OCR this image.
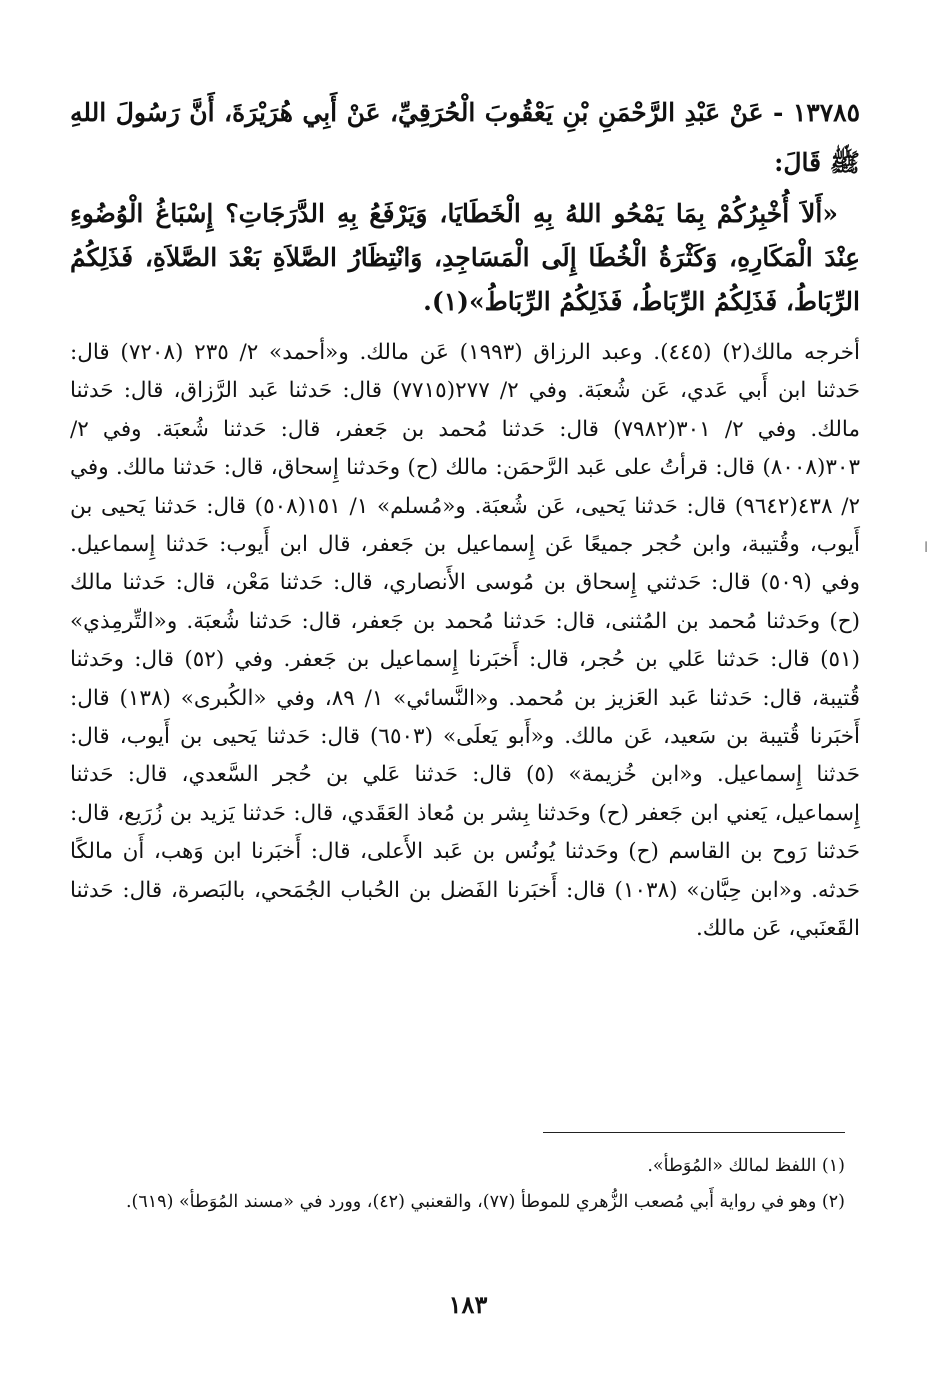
١٣٧٨٥ - عَنْ عَبْدِ الرَّحْمَنِ بْنِ يَعْقُوبَ الْحُرَقِيِّ، عَنْ أَبِي هُرَيْرَةَ، أَنَّ رَسُولَ اللهِ ﷺ قَالَ:

«أَلاَ أُخْبِرُكُمْ بِمَا يَمْحُو اللهُ بِهِ الْخَطَايَا، وَيَرْفَعُ بِهِ الدَّرَجَاتِ؟ إِسْبَاغُ الْوُضُوءِ عِنْدَ الْمَكَارِهِ، وَكَثْرَةُ الْخُطَا إِلَى الْمَسَاجِدِ، وَانْتِظَارُ الصَّلاَةِ بَعْدَ الصَّلاَةِ، فَذَلِكُمُ الرِّبَاطُ، فَذَلِكُمُ الرِّبَاطُ، فَذَلِكُمُ الرِّبَاطُ»(١).

أخرجه مالك(٢) (٤٤٥). وعبد الرزاق (١٩٩٣) عَن مالك. و«أحمد» ٢/ ٢٣٥ (٧٢٠٨) قال: حَدثنا ابن أَبي عَدي، عَن شُعبَة. وفي ٢/ ٢٧٧(٧٧١٥) قال: حَدثنا عَبد الرَّزاق، قال: حَدثنا مالك. وفي ٢/ ٣٠١(٧٩٨٢) قال: حَدثنا مُحمد بن جَعفر، قال: حَدثنا شُعبَة. وفي ٢/ ٣٠٣(٨٠٠٨) قال: قرأتُ على عَبد الرَّحمَن: مالك (ح) وحَدثنا إِسحاق، قال: حَدثنا مالك. وفي ٢/ ٤٣٨(٩٦٤٢) قال: حَدثنا يَحيى، عَن شُعبَة. و«مُسلم» ١/ ١٥١(٥٠٨) قال: حَدثنا يَحيى بن أَيوب، وقُتيبة، وابن حُجر جميعًا عَن إِسماعيل بن جَعفر، قال ابن أَيوب: حَدثنا إِسماعيل. وفي (٥٠٩) قال: حَدثني إِسحاق بن مُوسى الأَنصاري، قال: حَدثنا مَعْن، قال: حَدثنا مالك (ح) وحَدثنا مُحمد بن المُثنى، قال: حَدثنا مُحمد بن جَعفر، قال: حَدثنا شُعبَة. و«التِّرمِذي» (٥١) قال: حَدثنا عَلي بن حُجر، قال: أَخبَرنا إِسماعيل بن جَعفر. وفي (٥٢) قال: وحَدثنا قُتيبة، قال: حَدثنا عَبد العَزيز بن مُحمد. و«النَّسائي» ١/ ٨٩، وفي «الكُبرى» (١٣٨) قال: أَخبَرنا قُتيبة بن سَعيد، عَن مالك. و«أَبو يَعلَى» (٦٥٠٣) قال: حَدثنا يَحيى بن أَيوب، قال: حَدثنا إِسماعيل. و«ابن خُزيمة» (٥) قال: حَدثنا عَلي بن حُجر السَّعدي، قال: حَدثنا إِسماعيل، يَعني ابن جَعفر (ح) وحَدثنا بِشر بن مُعاذ العَقَدي، قال: حَدثنا يَزيد بن زُرَيع، قال: حَدثنا رَوح بن القاسم (ح) وحَدثنا يُونُس بن عَبد الأَعلى، قال: أَخبَرنا ابن وَهب، أَن مالكًا حَدثه. و«ابن حِبَّان» (١٠٣٨) قال: أَخبَرنا الفَضل بن الحُباب الجُمَحي، بالبَصرة، قال: حَدثنا القَعنَبي، عَن مالك.

(١) اللفظ لمالك «المُوَطأ».

(٢) وهو في رواية أَبي مُصعب الزُّهري للموطأ (٧٧)، والقعنبي (٤٢)، وورد في «مسند المُوَطأ» (٦١٩).

١٨٣
ا
